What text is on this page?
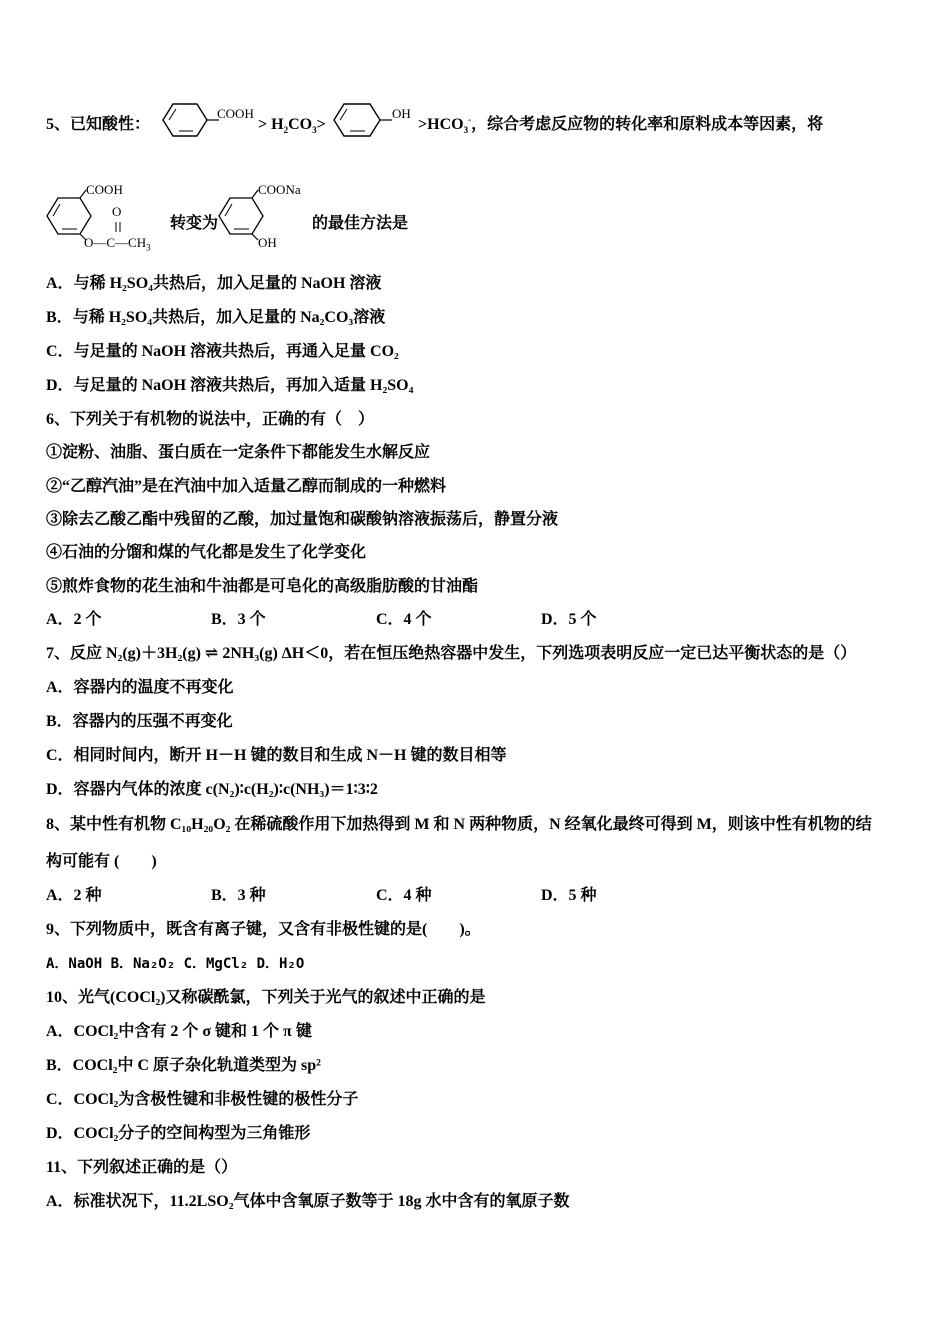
5、已知酸性：
COOH
> $H_2CO_3>$
OH
$>HCO_3^-$，综合考虑反应物的转化率和原料成本等因素，将
COOH
O
$O—C—CH_3$
转变为
COONa
OH
的最佳方法是
A．与稀 H₂SO₄共热后，加入足量的 NaOH 溶液
B．与稀 H₂SO₄共热后，加入足量的 Na₂CO₃溶液
C．与足量的 NaOH 溶液共热后，再通入足量 CO₂
D．与足量的 NaOH 溶液共热后，再加入适量 H₂SO₄
6、下列关于有机物的说法中，正确的有（　）
①淀粉、油脂、蛋白质在一定条件下都能发生水解反应
②“乙醇汽油”是在汽油中加入适量乙醇而制成的一种燃料
③除去乙酸乙酯中残留的乙酸，加过量饱和碳酸钠溶液振荡后，静置分液
④石油的分馏和煤的气化都是发生了化学变化
⑤煎炸食物的花生油和牛油都是可皂化的高级脂肪酸的甘油酯
A．2 个	B．3 个	C．4 个	D．5 个
7、反应 N₂(g)＋3H₂(g) ⇌ 2NH₃(g) ΔH＜0，若在恒压绝热容器中发生，下列选项表明反应一定已达平衡状态的是（）
A．容器内的温度不再变化
B．容器内的压强不再变化
C．相同时间内，断开 H－H 键的数目和生成 N－H 键的数目相等
D．容器内气体的浓度 c(N₂)∶c(H₂)∶c(NH₃)＝1∶3∶2
8、某中性有机物 C₁₀H₂₀O₂ 在稀硫酸作用下加热得到 M 和 N 两种物质，N 经氧化最终可得到 M，则该中性有机物的结
构可能有 (　　)
A．2 种	B．3 种	C．4 种	D．5 种
9、下列物质中，既含有离子键，又含有非极性键的是(　　)。
A．NaOH B．Na₂O₂ C．MgCl₂ D．H₂O
10、光气(COCl₂)又称碳酰氯，下列关于光气的叙述中正确的是
A．COCl₂中含有 2 个 σ 键和 1 个 π 键
B．COCl₂中 C 原子杂化轨道类型为 sp²
C．COCl₂为含极性键和非极性键的极性分子
D．COCl₂分子的空间构型为三角锥形
11、下列叙述正确的是（）
A．标准状况下，11.2LSO₂气体中含氧原子数等于 18g 水中含有的氧原子数
